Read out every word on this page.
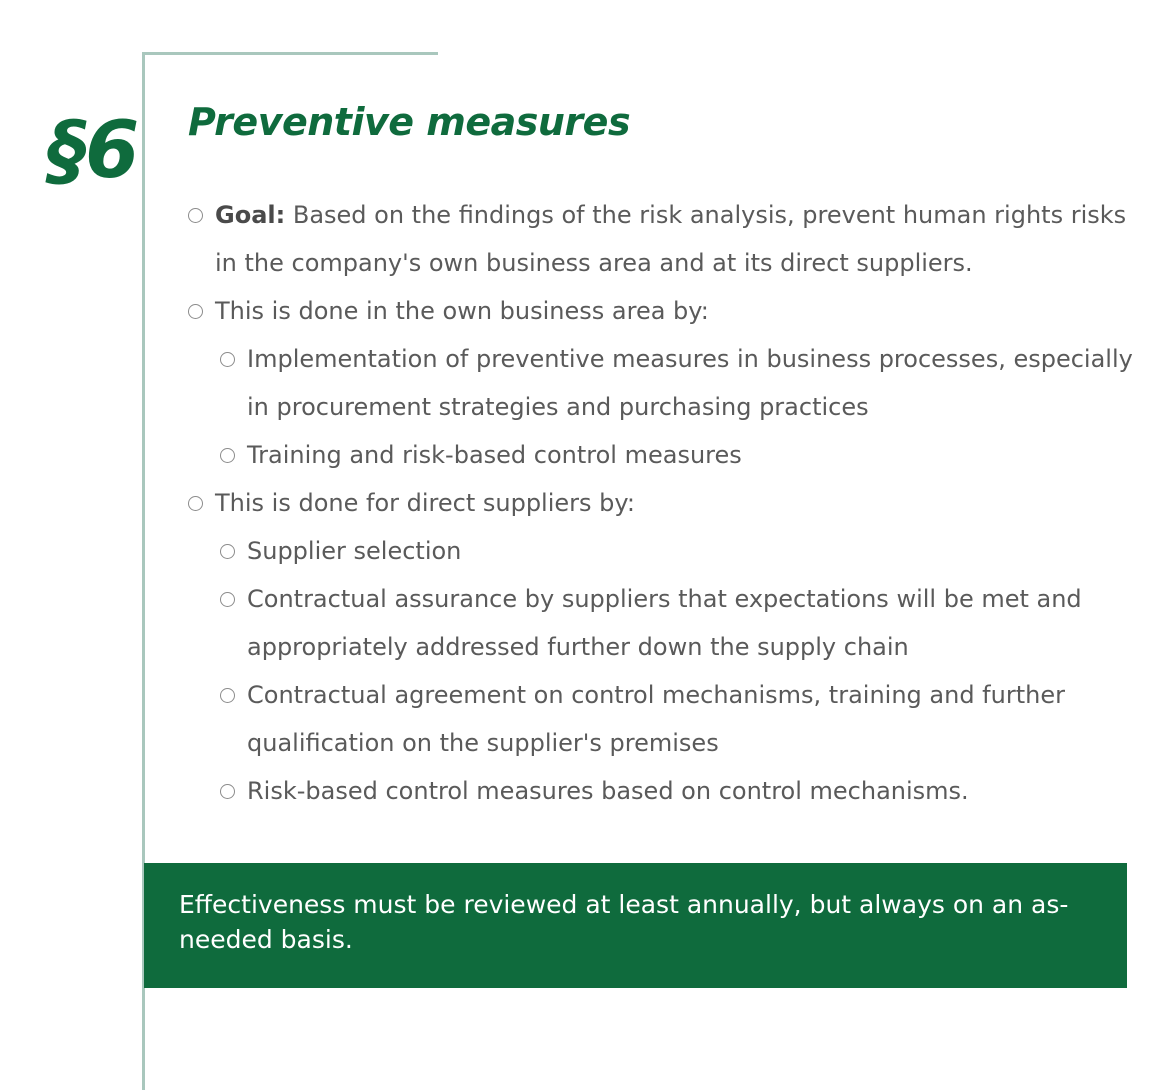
§6 Preventive measures
Goal: Based on the findings of the risk analysis, prevent human rights risks in the company's own business area and at its direct suppliers.
This is done in the own business area by:
Implementation of preventive measures in business processes, especially in procurement strategies and purchasing practices
Training and risk-based control measures
This is done for direct suppliers by:
Supplier selection
Contractual assurance by suppliers that expectations will be met and appropriately addressed further down the supply chain
Contractual agreement on control mechanisms, training and further qualification on the supplier's premises
Risk-based control measures based on control mechanisms.
Effectiveness must be reviewed at least annually, but always on an as-needed basis.
